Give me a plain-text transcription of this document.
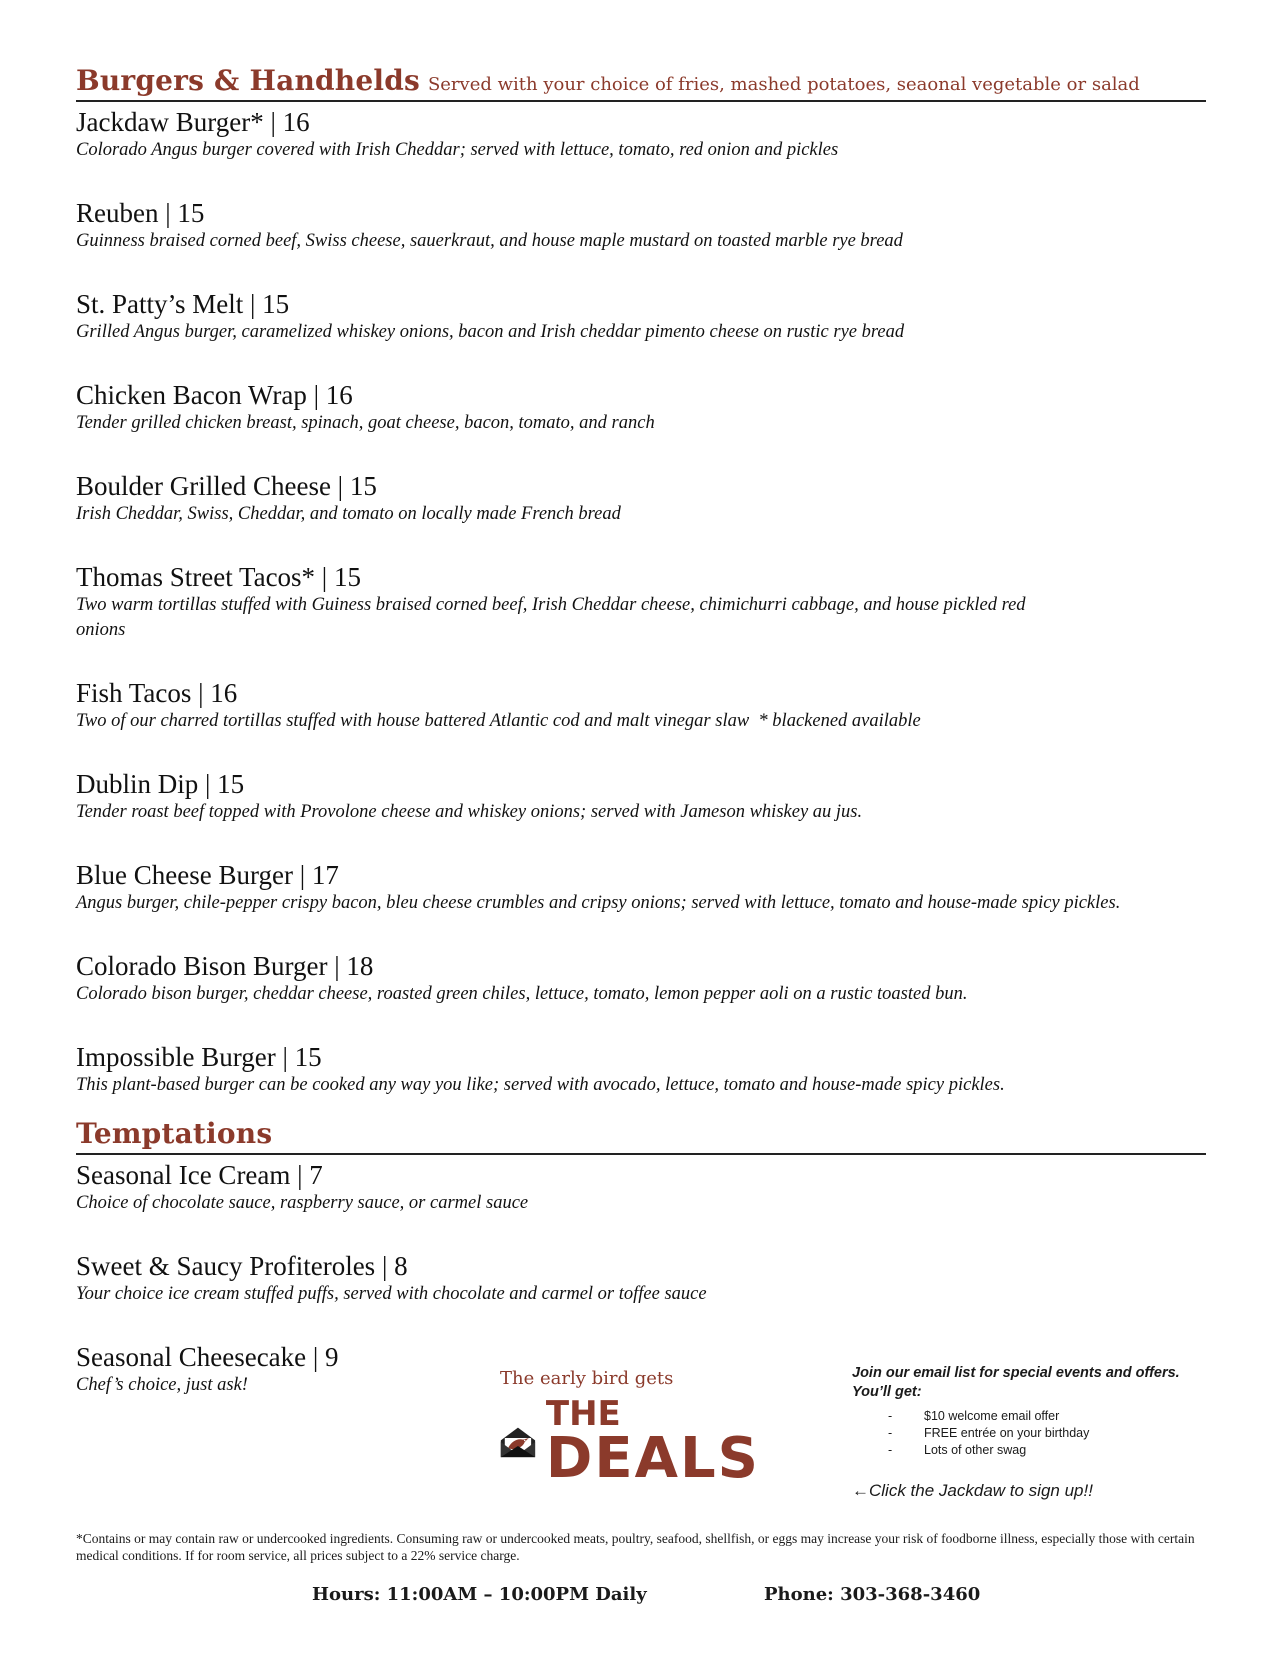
Burgers & Handhelds Served with your choice of fries, mashed potatoes, seaonal vegetable or salad
Jackdaw Burger* | 16
Colorado Angus burger covered with Irish Cheddar; served with lettuce, tomato, red onion and pickles
Reuben | 15
Guinness braised corned beef, Swiss cheese, sauerkraut, and house maple mustard on toasted marble rye bread
St. Patty’s Melt | 15
Grilled Angus burger, caramelized whiskey onions, bacon and Irish cheddar pimento cheese on rustic rye bread
Chicken Bacon Wrap | 16
Tender grilled chicken breast, spinach, goat cheese, bacon, tomato, and ranch
Boulder Grilled Cheese | 15
Irish Cheddar, Swiss, Cheddar, and tomato on locally made French bread
Thomas Street Tacos* | 15
Two warm tortillas stuffed with Guiness braised corned beef, Irish Cheddar cheese, chimichurri cabbage, and house pickled red onions
Fish Tacos | 16
Two of our charred tortillas stuffed with house battered Atlantic cod and malt vinegar slaw  * blackened available
Dublin Dip | 15
Tender roast beef topped with Provolone cheese and whiskey onions; served with Jameson whiskey au jus.
Blue Cheese Burger | 17
Angus burger, chile-pepper crispy bacon, bleu cheese crumbles and cripsy onions; served with lettuce, tomato and house-made spicy pickles.
Colorado Bison Burger | 18
Colorado bison burger, cheddar cheese, roasted green chiles, lettuce, tomato, lemon pepper aoli on a rustic toasted bun.
Impossible Burger | 15
This plant-based burger can be cooked any way you like; served with avocado, lettuce, tomato and house-made spicy pickles.
Temptations
Seasonal Ice Cream | 7
Choice of chocolate sauce, raspberry sauce, or carmel sauce
Sweet & Saucy Profiteroles | 8
Your choice ice cream stuffed puffs, served with chocolate and carmel or toffee sauce
Seasonal Cheesecake | 9
Chef’s choice, just ask!	The early bird gets
THE
DEALS
Join our email list for special events and offers. You’ll get:
-	$10 welcome email offer
-	FREE entrée on your birthday
-	Lots of other swag
←Click the Jackdaw to sign up!!
*Contains or may contain raw or undercooked ingredients. Consuming raw or undercooked meats, poultry, seafood, shellfish, or eggs may increase your risk of foodborne illness, especially those with certain medical conditions. If for room service, all prices subject to a 22% service charge.
Hours: 11:00AM – 10:00PM Daily	Phone: 303-368-3460
